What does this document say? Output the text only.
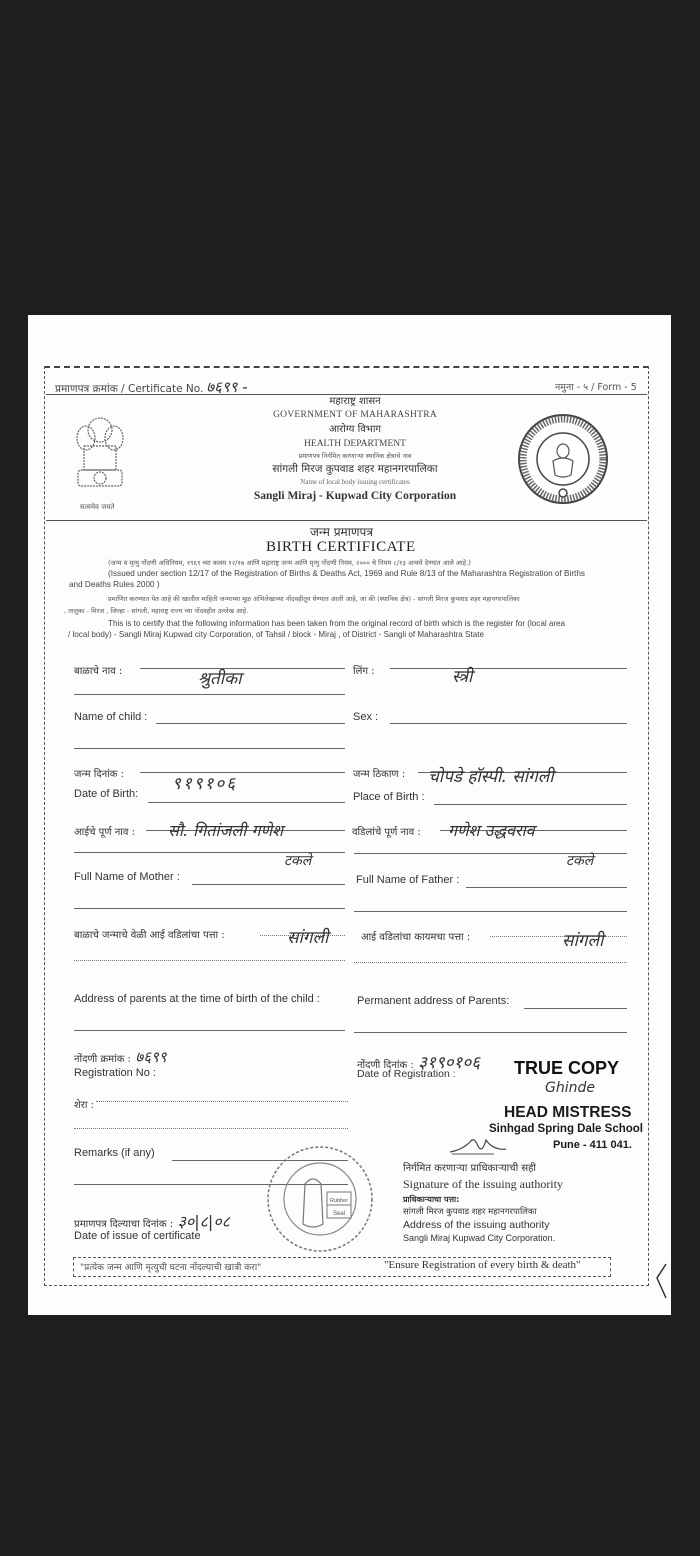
प्रमाणपत्र क्रमांक / Certificate No. ७६९९ -	नमुना - ५ / Form - 5
सत्यमेव जयते
महाराष्ट्र शासन
GOVERNMENT OF MAHARASHTRA
आरोग्य विभाग
HEALTH DEPARTMENT
प्रमाणपत्र निर्गमित करणाऱ्या स्थानिक क्षेत्राचे नाव
सांगली मिरज कुपवाड शहर महानगरपालिका
Name of local body issuing certificates
Sangli Miraj - Kupwad City Corporation
जन्म प्रमाणपत्र
BIRTH CERTIFICATE
(जन्म व मृत्यु नोंदणी अधिनियम, १९६९ च्या कलम १२/१७ आणि महाराष्ट्र जन्म आणि मृत्यु नोंदणी नियम, २००० चे नियम ८/१३ अन्वये देण्यात आले आहे.)
(Issued under section 12/17 of the Registration of Births & Deaths Act, 1969 and Rule 8/13 of the Maharashtra Registration of Births
and Deaths Rules 2000 )
प्रमाणित करण्यात येत आहे की खालील माहिती जन्माच्या मूळ अभिलेखाच्या नोंदवहीतून घेण्यात आली आहे, जा की (स्थानिक क्षेत्र) - सांगली मिरज कुपवाड शहर महानगरपालिका
, तालुका - मिरज , जिल्हा - सांगली, महाराष्ट्र राज्य च्या नोंदवहीत उल्लेख आहे.
This is to certify that the following information has been taken from the original record of birth which is the register for (local area
/ local body) - Sangli Miraj Kupwad city Corporation, of Tahsil / block - Miraj , of District - Sangli of Maharashtra State
बाळाचे नाव :	श्रुतीका
Name of child :
लिंग :	स्त्री
Sex :
जन्म दिनांक :	९१९१०६
Date of Birth:
जन्म ठिकाण : चोपडे हॉस्पी. सांगली
Place of Birth :
आईचे पूर्ण नाव : सौ. गितांजली गणेश
टकले
Full Name of Mother :
वडिलांचे पूर्ण नाव : गणेश उद्धवराव
टकले
Full Name of Father :
बाळाचे जन्माचे वेळी आई वडिलांचा पत्ता :	सांगली
Address of parents at the time of birth of the child :
आई वडिलांचा कायमचा पत्ता :	सांगली
Permanent address of Parents:
नोंदणी क्रमांक : ७६९९
Registration No :
नोंदणी दिनांक : ३१९०१०६
Date of Registration :	TRUE COPY
Ghinde
HEAD MISTRESS
Sinhgad Spring Dale School
Pune - 411 041.
शेरा :
Remarks (if any)
प्रमाणपत्र दिल्याचा दिनांक : ३०|८|०८
Date of issue of certificate
Rubber
Seal
निर्गमित करणाऱ्या प्राधिकाऱ्याची सही
Signature of the issuing authority
प्राधिकाऱ्याचा पत्ता:
सांगली मिरज कुपवाड शहर महानगरपालिका
Address of the issuing authority
Sangli Miraj Kupwad City Corporation.
"प्रत्येक जन्म आणि मृत्युची घटना नोंदल्याची खात्री करा"	"Ensure Registration of every birth & death"
